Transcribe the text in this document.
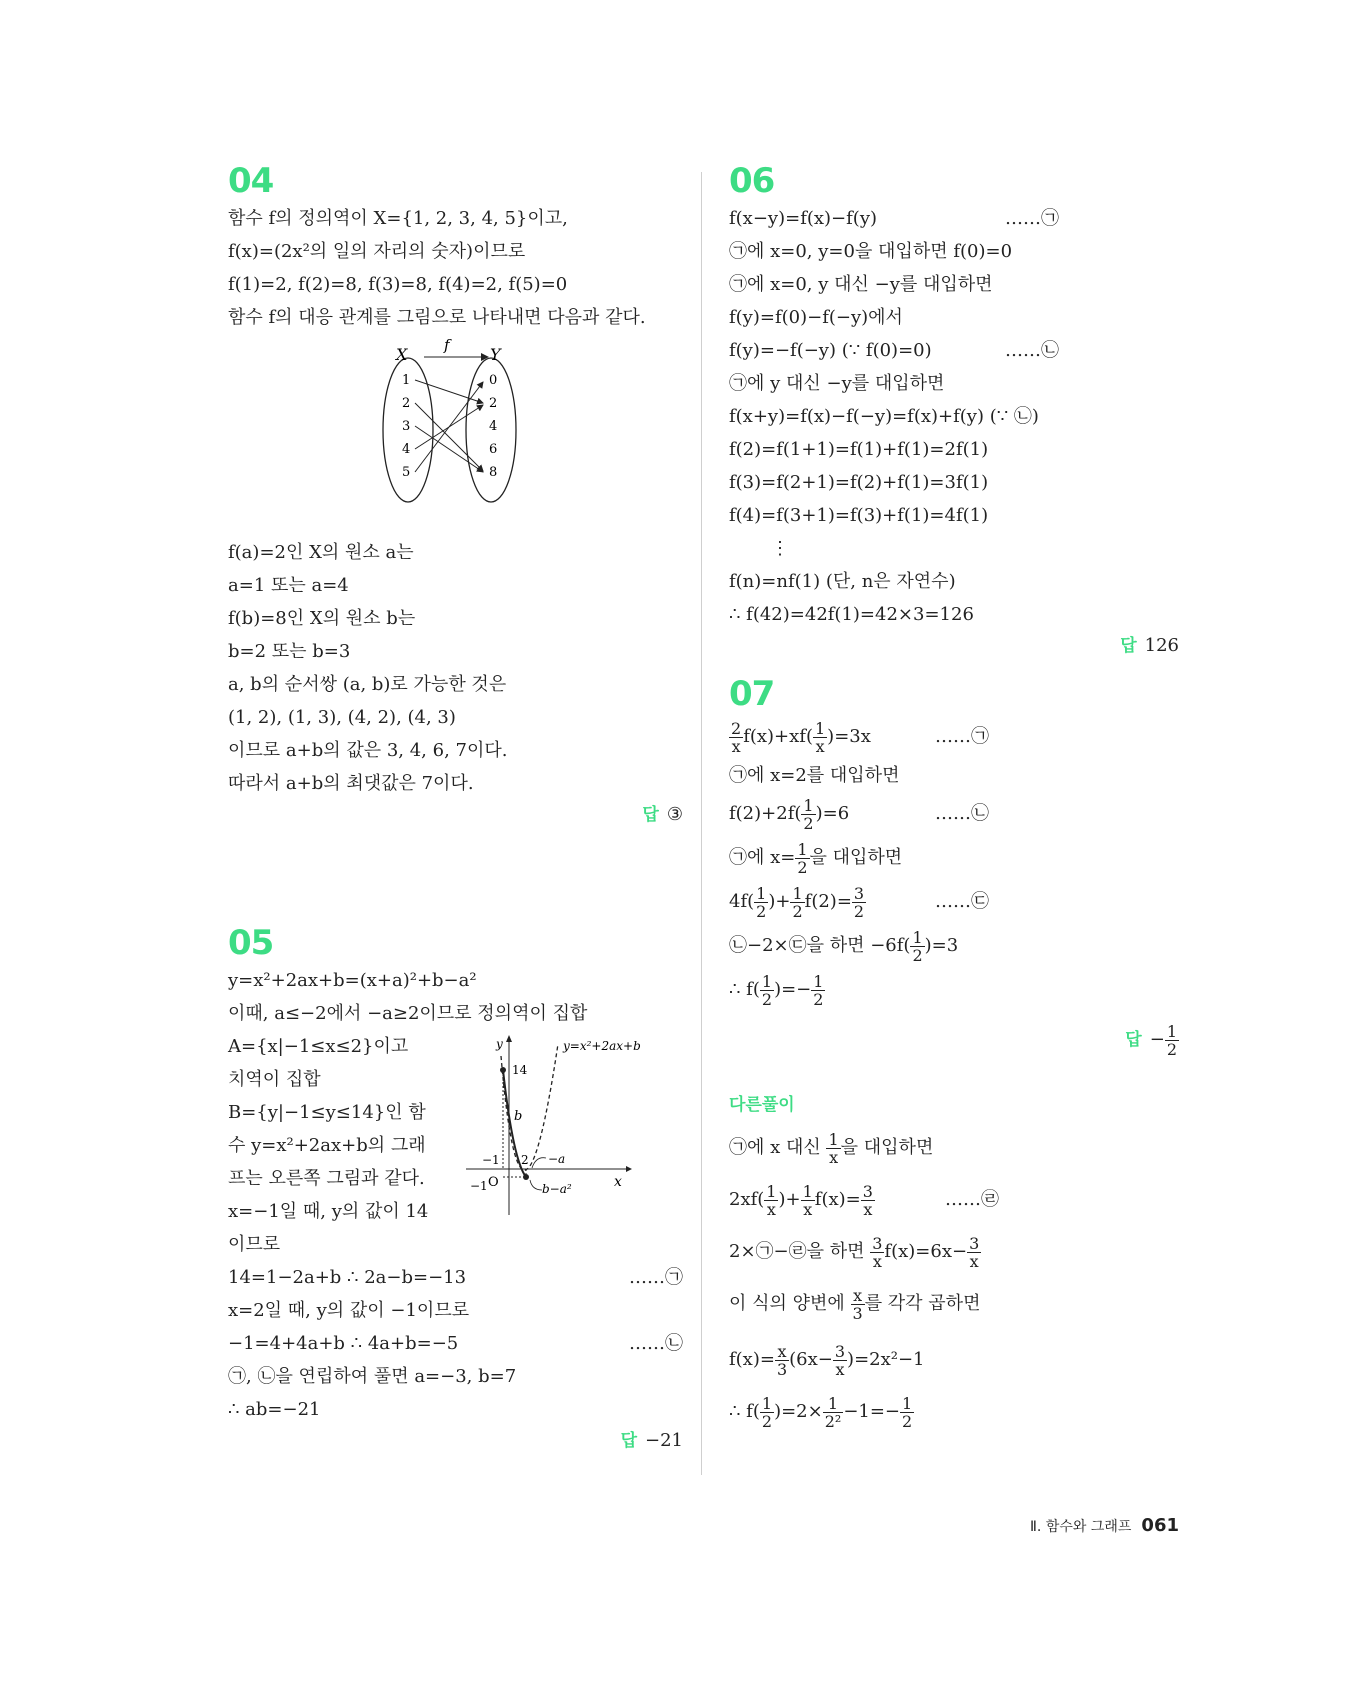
04
함수 f의 정의역이 X={1, 2, 3, 4, 5}이고,
f(x)=(2x²의 일의 자리의 숫자)이므로
f(1)=2, f(2)=8, f(3)=8, f(4)=2, f(5)=0
함수 f의 대응 관계를 그림으로 나타내면 다음과 같다.
X	Y
f
1
2
3
4
5
0
2
4
6
8
f(a)=2인 X의 원소 a는
a=1 또는 a=4
f(b)=8인 X의 원소 b는
b=2 또는 b=3
a, b의 순서쌍 (a, b)로 가능한 것은
(1, 2), (1, 3), (4, 2), (4, 3)
이므로 a+b의 값은 3, 4, 6, 7이다.
따라서 a+b의 최댓값은 7이다.
답 ③
05
y=x²+2ax+b=(x+a)²+b−a²
이때, a≤−2에서 −a≥2이므로 정의역이 집합
A={x|−1≤x≤2}이고
치역이 집합
B={y|−1≤y≤14}인 함
수 y=x²+2ax+b의 그래
프는 오른쪽 그림과 같다.
x=−1일 때, y의 값이 14
이므로
14=1−2a+b ∴ 2a−b=−13	……㉠
x=2일 때, y의 값이 −1이므로
−1=4+4a+b ∴ 4a+b=−5	……㉡
㉠, ㉡을 연립하여 풀면 a=−3, b=7
∴ ab=−21
답 −21
y
x
O
14
b
−1 2
−1
−a
b−a²
y=x²+2ax+b
06
f(x−y)=f(x)−f(y)	……㉠
㉠에 x=0, y=0을 대입하면 f(0)=0
㉠에 x=0, y 대신 −y를 대입하면
f(y)=f(0)−f(−y)에서
f(y)=−f(−y) (∵ f(0)=0)	……㉡
㉠에 y 대신 −y를 대입하면
f(x+y)=f(x)−f(−y)=f(x)+f(y) (∵ ㉡)
f(2)=f(1+1)=f(1)+f(1)=2f(1)
f(3)=f(2+1)=f(2)+f(1)=3f(1)
f(4)=f(3+1)=f(3)+f(1)=4f(1)
⋮
f(n)=nf(1) (단, n은 자연수)
∴ f(42)=42f(1)=42×3=126
답 126
07
$\frac{2}{x} f(x)+xf( \frac{1}{x} )=3x$	……㉠
㉠에 x=2를 대입하면
$f(2)+2f( \frac{1}{2} )=6$	……㉡
㉠에 $x= \frac{1}{2}$ 을 대입하면
$4f( \frac{1}{2}$ )+ $\frac{1}{2} f(2)= \frac{3}{2}$	……㉢
㉡−2×㉢을 하면 $-6f( \frac{1}{2} )=3$
∴ $f( \frac{1}{2}$ )=− $\frac{1}{2}$
답 − $\frac{1}{2}$
다른풀이
㉠에 x 대신 $\frac{1}{x}$ 을 대입하면
$2xf( \frac{1}{x}$ )+ $\frac{1}{x} f(x)= \frac{3}{x}$	……㉣
2×㉠−㉣을 하면 $\frac{3}{x} f(x)=6x- \frac{3}{x}$
이 식의 양변에 $\frac{x}{3}$ 를 각각 곱하면
$f(x)= \frac{x}{3} (6x- \frac{3}{x} )=2x^2-1$
∴ $f( \frac{1}{2} )=2\times \frac{1}{\text{2²}} -1=- \frac{1}{2}$
Ⅱ. 함수와 그래프 061
